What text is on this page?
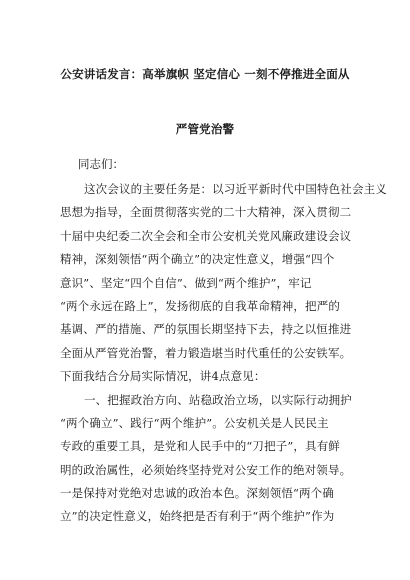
公安讲话发言：高举旗帜 坚定信心 一刻不停推进全面从
严管党治警
同志们：
这次会议的主要任务是：以习近平新时代中国特色社会主义
思想为指导，全面贯彻落实党的二十大精神，深入贯彻二
十届中央纪委二次全会和全市公安机关党风廉政建设会议
精神，深刻领悟“两个确立”的决定性意义，增强“四个
意识”、坚定“四个自信”、做到“两个维护”，牢记
“两个永远在路上”，发扬彻底的自我革命精神，把严的
基调、严的措施、严的氛围长期坚持下去，持之以恒推进
全面从严管党治警，着力锻造堪当时代重任的公安铁军。
下面我结合分局实际情况，讲4点意见：
一、把握政治方向、站稳政治立场，以实际行动拥护
“两个确立”、践行“两个维护”。公安机关是人民民主
专政的重要工具，是党和人民手中的“刀把子”，具有鲜
明的政治属性，必须始终坚持党对公安工作的绝对领导。
一是保持对党绝对忠诚的政治本色。深刻领悟“两个确
立”的决定性意义，始终把是否有利于“两个维护”作为
